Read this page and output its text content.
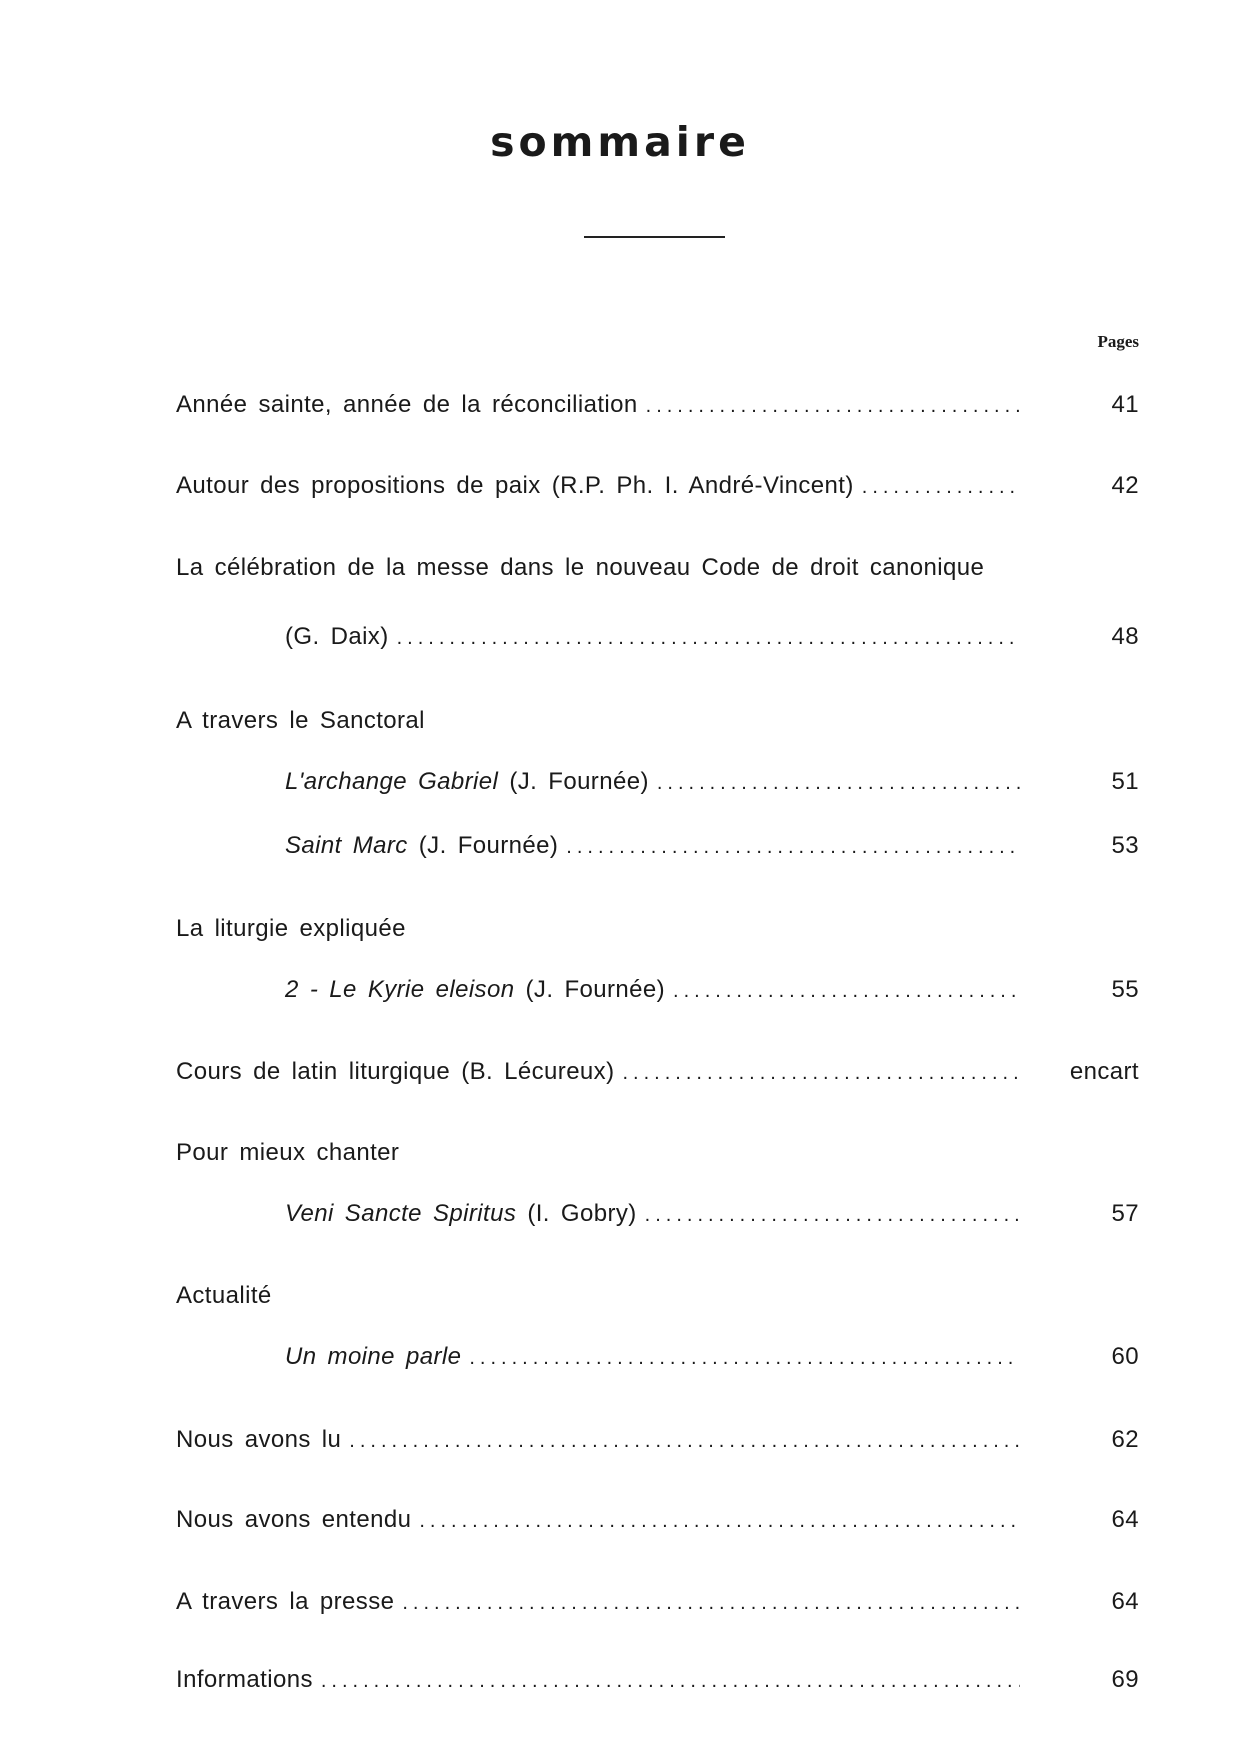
sommaire
Pages
Année sainte, année de la réconciliation .....	41
Autour des propositions de paix (R.P. Ph. I. André-Vincent) .....	42
La célébration de la messe dans le nouveau Code de droit canonique
(G. Daix) .....	48
A travers le Sanctoral
L'archange Gabriel (J. Fournée) .....	51
Saint Marc (J. Fournée) .....	53
La liturgie expliquée
2 - Le Kyrie eleison (J. Fournée) .....	55
Cours de latin liturgique (B. Lécureux) .....	encart
Pour mieux chanter
Veni Sancte Spiritus (I. Gobry) .....	57
Actualité
Un moine parle .....	60
Nous avons lu .....	62
Nous avons entendu .....	64
A travers la presse .....	64
Informations .....	69
